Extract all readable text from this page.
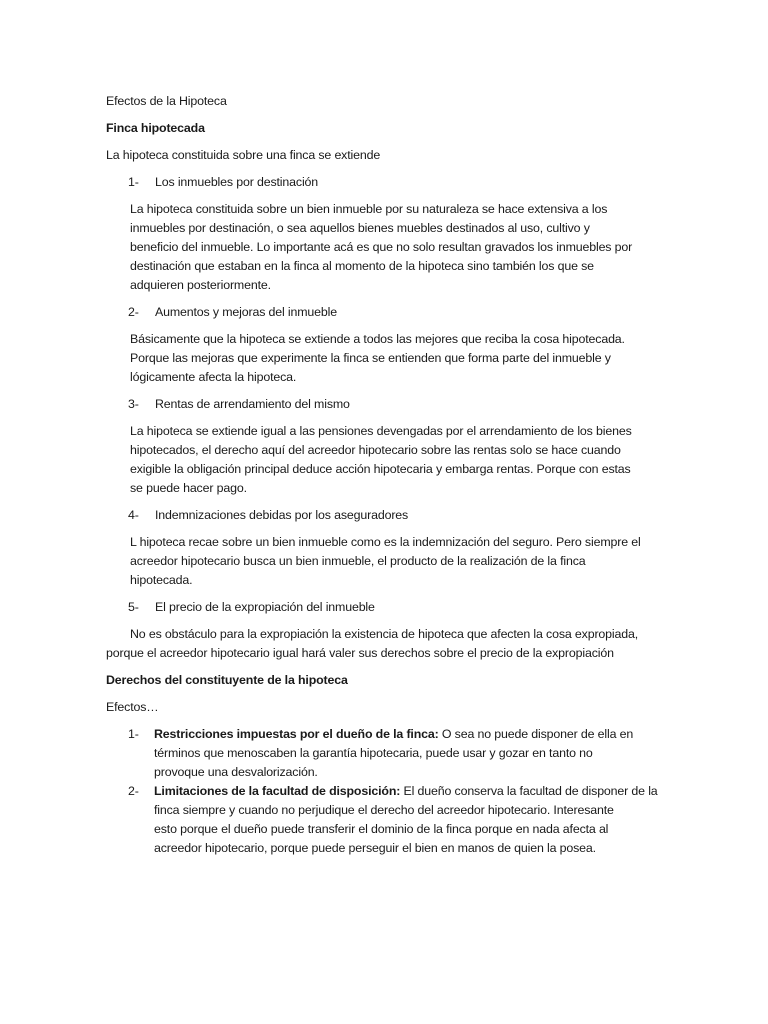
Efectos de la Hipoteca

Finca hipotecada

La hipoteca constituida sobre una finca se extiende

1- Los inmuebles por destinación

La hipoteca constituida sobre un bien inmueble por su naturaleza se hace extensiva a los

inmuebles por destinación, o sea aquellos bienes muebles destinados al uso, cultivo y

beneficio del inmueble. Lo importante acá es que no solo resultan gravados los inmuebles por

destinación que estaban en la finca al momento de la hipoteca sino también los que se

adquieren posteriormente.

2- Aumentos y mejoras del inmueble

Básicamente que la hipoteca se extiende a todos las mejores que reciba la cosa hipotecada.

Porque las mejoras que experimente la finca se entienden que forma parte del inmueble y

lógicamente afecta la hipoteca.

3- Rentas de arrendamiento del mismo

La hipoteca se extiende igual a las pensiones devengadas por el arrendamiento de los bienes

hipotecados, el derecho aquí del acreedor hipotecario sobre las rentas solo se hace cuando

exigible la obligación principal deduce acción hipotecaria y embarga rentas. Porque con estas

se puede hacer pago.

4- Indemnizaciones debidas por los aseguradores

L hipoteca recae sobre un bien inmueble como es la indemnización del seguro. Pero siempre el

acreedor hipotecario busca un bien inmueble, el producto de la realización de la finca

hipotecada.

5- El precio de la expropiación del inmueble

No es obstáculo para la expropiación la existencia de hipoteca que afecten la cosa expropiada,

porque el acreedor hipotecario igual hará valer sus derechos sobre el precio de la expropiación

Derechos del constituyente de la hipoteca

Efectos…

1- Restricciones impuestas por el dueño de la finca: O sea no puede disponer de ella en

términos que menoscaben la garantía hipotecaria, puede usar y gozar en tanto no

provoque una desvalorización.

2- Limitaciones de la facultad de disposición: El dueño conserva la facultad de disponer de la

finca siempre y cuando no perjudique el derecho del acreedor hipotecario. Interesante

esto porque el dueño puede transferir el dominio de la finca porque en nada afecta al

acreedor hipotecario, porque puede perseguir el bien en manos de quien la posea.
